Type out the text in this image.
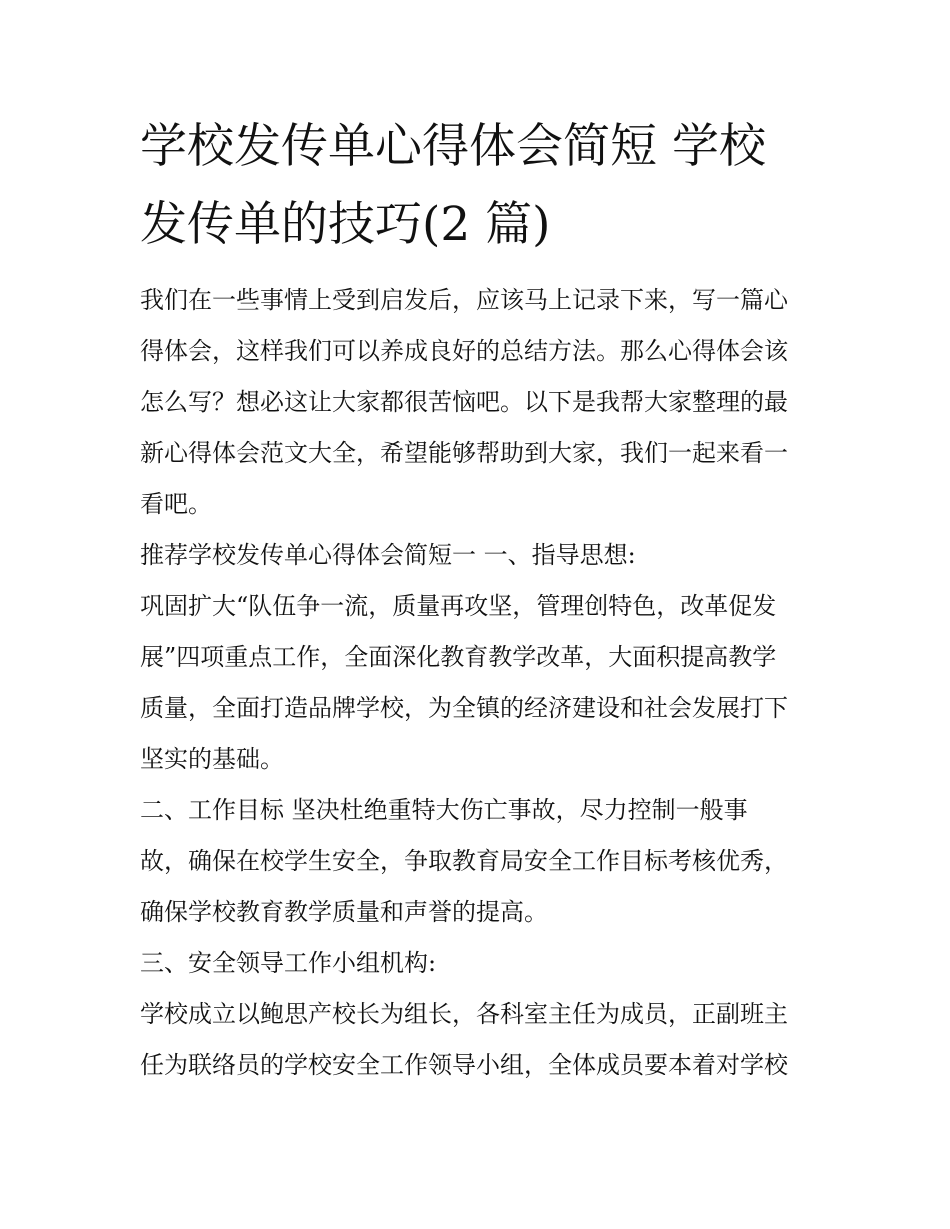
学校发传单心得体会简短 学校
发传单的技巧(2 篇)

我们在一些事情上受到启发后，应该马上记录下来，写一篇心

得体会，这样我们可以养成良好的总结方法。那么心得体会该

怎么写？想必这让大家都很苦恼吧。以下是我帮大家整理的最

新心得体会范文大全，希望能够帮助到大家，我们一起来看一

看吧。

推荐学校发传单心得体会简短一 一、指导思想:

巩固扩大“队伍争一流，质量再攻坚，管理创特色，改革促发

展”四项重点工作，全面深化教育教学改革，大面积提高教学

质量，全面打造品牌学校，为全镇的经济建设和社会发展打下

坚实的基础。

二、工作目标 坚决杜绝重特大伤亡事故，尽力控制一般事

故，确保在校学生安全，争取教育局安全工作目标考核优秀，

确保学校教育教学质量和声誉的提高。

三、安全领导工作小组机构:

学校成立以鲍思产校长为组长，各科室主任为成员，正副班主

任为联络员的学校安全工作领导小组，全体成员要本着对学校
